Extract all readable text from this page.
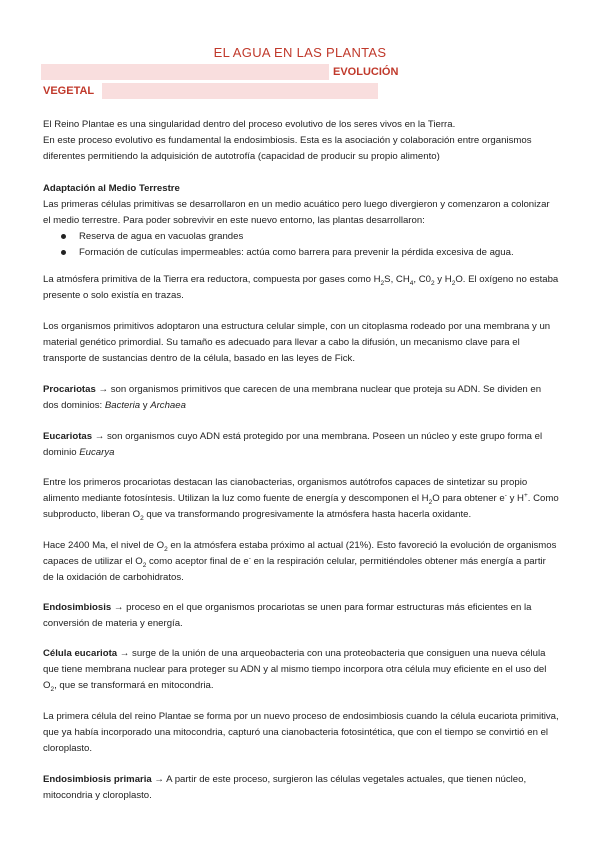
EL AGUA EN LAS PLANTAS
EVOLUCIÓN
VEGETAL
El Reino Plantae es una singularidad dentro del proceso evolutivo de los seres vivos en la Tierra.
En este proceso evolutivo es fundamental la endosimbiosis. Esta es la asociación y colaboración entre organismos diferentes permitiendo la adquisición de autotrofía (capacidad de producir su propio alimento)
Adaptación al Medio Terrestre
Las primeras células primitivas se desarrollaron en un medio acuático pero luego divergieron y comenzaron a colonizar el medio terrestre. Para poder sobrevivir en este nuevo entorno, las plantas desarrollaron:
Reserva de agua en vacuolas grandes
Formación de cutículas impermeables: actúa como barrera para prevenir la pérdida excesiva de agua.
La atmósfera primitiva de la Tierra era reductora, compuesta por gases como $H_2S$, $CH_4$, $C0_2$ y $H_2O$. El oxígeno no estaba presente o solo existía en trazas.
Los organismos primitivos adoptaron una estructura celular simple, con un citoplasma rodeado por una membrana y un material genético primordial. Su tamaño es adecuado para llevar a cabo la difusión, un mecanismo clave para el transporte de sustancias dentro de la célula, basado en las leyes de Fick.
Procariotas → son organismos primitivos que carecen de una membrana nuclear que proteja su ADN. Se dividen en dos dominios: Bacteria y Archaea
Eucariotas → son organismos cuyo ADN está protegido por una membrana. Poseen un núcleo y este grupo forma el dominio Eucarya
Entre los primeros procariotas destacan las cianobacterias, organismos autótrofos capaces de sintetizar su propio alimento mediante fotosíntesis. Utilizan la luz como fuente de energía y descomponen el $H_2O$ para obtener e- y H+. Como subproducto, liberan $O_2$ que va transformando progresivamente la atmósfera hasta hacerla oxidante.
Hace 2400 Ma, el nivel de $O_2$ en la atmósfera estaba próximo al actual (21%). Esto favoreció la evolución de organismos capaces de utilizar el $O_2$ como aceptor final de e- en la respiración celular, permitiéndoles obtener más energía a partir de la oxidación de carbohidratos.
Endosimbiosis → proceso en el que organismos procariotas se unen para formar estructuras más eficientes en la conversión de materia y energía.
Célula eucariota → surge de la unión de una arqueobacteria con una proteobacteria que consiguen una nueva célula que tiene membrana nuclear para proteger su ADN y al mismo tiempo incorpora otra célula muy eficiente en el uso del $O_2$, que se transformará en mitocondria.
La primera célula del reino Plantae se forma por un nuevo proceso de endosimbiosis cuando la célula eucariota primitiva, que ya había incorporado una mitocondria, capturó una cianobacteria fotosintética, que con el tiempo se convirtió en el cloroplasto.
Endosimbiosis primaria → A partir de este proceso, surgieron las células vegetales actuales, que tienen núcleo, mitocondria y cloroplasto.
